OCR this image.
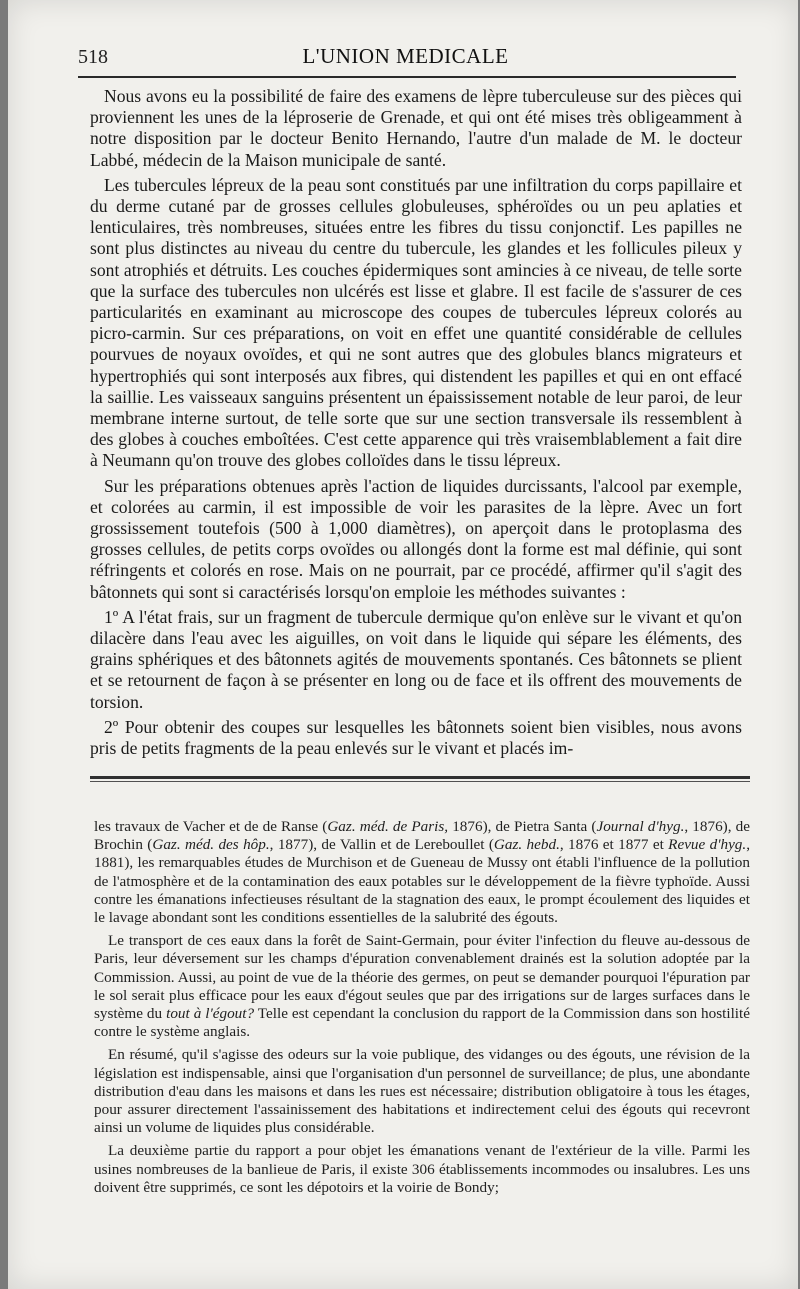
518	L'UNION MEDICALE

Nous avons eu la possibilité de faire des examens de lèpre tuberculeuse sur des pièces qui proviennent les unes de la léproserie de Grenade, et qui ont été mises très obligeamment à notre disposition par le docteur Benito Hernando, l'autre d'un malade de M. le docteur Labbé, médecin de la Maison municipale de santé.

Les tubercules lépreux de la peau sont constitués par une infiltration du corps papillaire et du derme cutané par de grosses cellules globuleuses, sphéroïdes ou un peu aplaties et lenticulaires, très nombreuses, situées entre les fibres du tissu conjonctif. Les papilles ne sont plus distinctes au niveau du centre du tubercule, les glandes et les follicules pileux y sont atrophiés et détruits. Les couches épidermiques sont amincies à ce niveau, de telle sorte que la surface des tubercules non ulcérés est lisse et glabre. Il est facile de s'assurer de ces particularités en examinant au microscope des coupes de tubercules lépreux colorés au picro-carmin. Sur ces préparations, on voit en effet une quantité considérable de cellules pourvues de noyaux ovoïdes, et qui ne sont autres que des globules blancs migrateurs et hypertrophiés qui sont interposés aux fibres, qui distendent les papilles et qui en ont effacé la saillie. Les vaisseaux sanguins présentent un épaississement notable de leur paroi, de leur membrane interne surtout, de telle sorte que sur une section transversale ils ressemblent à des globes à couches emboîtées. C'est cette apparence qui très vraisemblablement a fait dire à Neumann qu'on trouve des globes colloïdes dans le tissu lépreux.

Sur les préparations obtenues après l'action de liquides durcissants, l'alcool par exemple, et colorées au carmin, il est impossible de voir les parasites de la lèpre. Avec un fort grossissement toutefois (500 à 1,000 diamètres), on aperçoit dans le protoplasma des grosses cellules, de petits corps ovoïdes ou allongés dont la forme est mal définie, qui sont réfringents et colorés en rose. Mais on ne pourrait, par ce procédé, affirmer qu'il s'agit des bâtonnets qui sont si caractérisés lorsqu'on emploie les méthodes suivantes :

1º A l'état frais, sur un fragment de tubercule dermique qu'on enlève sur le vivant et qu'on dilacère dans l'eau avec les aiguilles, on voit dans le liquide qui sépare les éléments, des grains sphériques et des bâtonnets agités de mouvements spontanés. Ces bâtonnets se plient et se retournent de façon à se présenter en long ou de face et ils offrent des mouvements de torsion.

2º Pour obtenir des coupes sur lesquelles les bâtonnets soient bien visibles, nous avons pris de petits fragments de la peau enlevés sur le vivant et placés im-

les travaux de Vacher et de de Ranse (Gaz. méd. de Paris, 1876), de Pietra Santa (Journal d'hyg., 1876), de Brochin (Gaz. méd. des hôp., 1877), de Vallin et de Lereboullet (Gaz. hebd., 1876 et 1877 et Revue d'hyg., 1881), les remarquables études de Murchison et de Gueneau de Mussy ont établi l'influence de la pollution de l'atmosphère et de la contamination des eaux potables sur le développement de la fièvre typhoïde. Aussi contre les émanations infectieuses résultant de la stagnation des eaux, le prompt écoulement des liquides et le lavage abondant sont les conditions essentielles de la salubrité des égouts.

Le transport de ces eaux dans la forêt de Saint-Germain, pour éviter l'infection du fleuve au-dessous de Paris, leur déversement sur les champs d'épuration convenablement drainés est la solution adoptée par la Commission. Aussi, au point de vue de la théorie des germes, on peut se demander pourquoi l'épuration par le sol serait plus efficace pour les eaux d'égout seules que par des irrigations sur de larges surfaces dans le système du tout à l'égout? Telle est cependant la conclusion du rapport de la Commission dans son hostilité contre le système anglais.

En résumé, qu'il s'agisse des odeurs sur la voie publique, des vidanges ou des égouts, une révision de la législation est indispensable, ainsi que l'organisation d'un personnel de surveillance; de plus, une abondante distribution d'eau dans les maisons et dans les rues est nécessaire; distribution obligatoire à tous les étages, pour assurer directement l'assainissement des habitations et indirectement celui des égouts qui recevront ainsi un volume de liquides plus considérable.

La deuxième partie du rapport a pour objet les émanations venant de l'extérieur de la ville. Parmi les usines nombreuses de la banlieue de Paris, il existe 306 établissements incommodes ou insalubres. Les uns doivent être supprimés, ce sont les dépotoirs et la voirie de Bondy;
